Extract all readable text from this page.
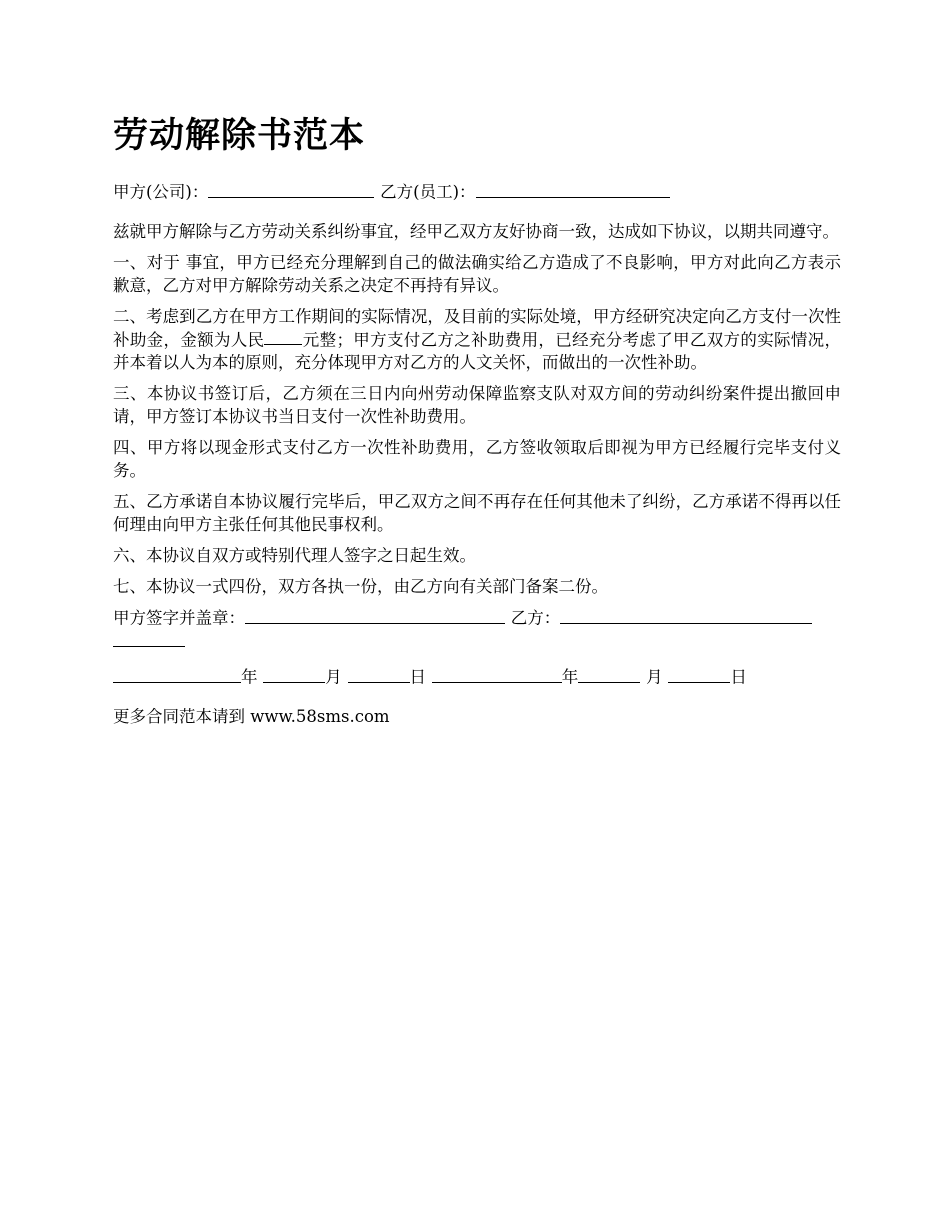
劳动解除书范本

甲方(公司)：	乙方(员工)：

兹就甲方解除与乙方劳动关系纠纷事宜，经甲乙双方友好协商一致，达成如下协议，以期共同遵守。

一、对于 事宜，甲方已经充分理解到自己的做法确实给乙方造成了不良影响，甲方对此向乙方表示歉意，乙方对甲方解除劳动关系之决定不再持有异议。

二、考虑到乙方在甲方工作期间的实际情况，及目前的实际处境，甲方经研究决定向乙方支付一次性补助金，金额为人民 元整；甲方支付乙方之补助费用，已经充分考虑了甲乙双方的实际情况，并本着以人为本的原则，充分体现甲方对乙方的人文关怀，而做出的一次性补助。

三、本协议书签订后，乙方须在三日内向州劳动保障监察支队对双方间的劳动纠纷案件提出撤回申请，甲方签订本协议书当日支付一次性补助费用。

四、甲方将以现金形式支付乙方一次性补助费用，乙方签收领取后即视为甲方已经履行完毕支付义务。

五、乙方承诺自本协议履行完毕后，甲乙双方之间不再存在任何其他未了纠纷，乙方承诺不得再以任何理由向甲方主张任何其他民事权利。

六、本协议自双方或特别代理人签字之日起生效。

七、本协议一式四份，双方各执一份，由乙方向有关部门备案二份。

甲方签字并盖章：	乙方：

年	月	日	年	月	日

更多合同范本请到 www.58sms.com
